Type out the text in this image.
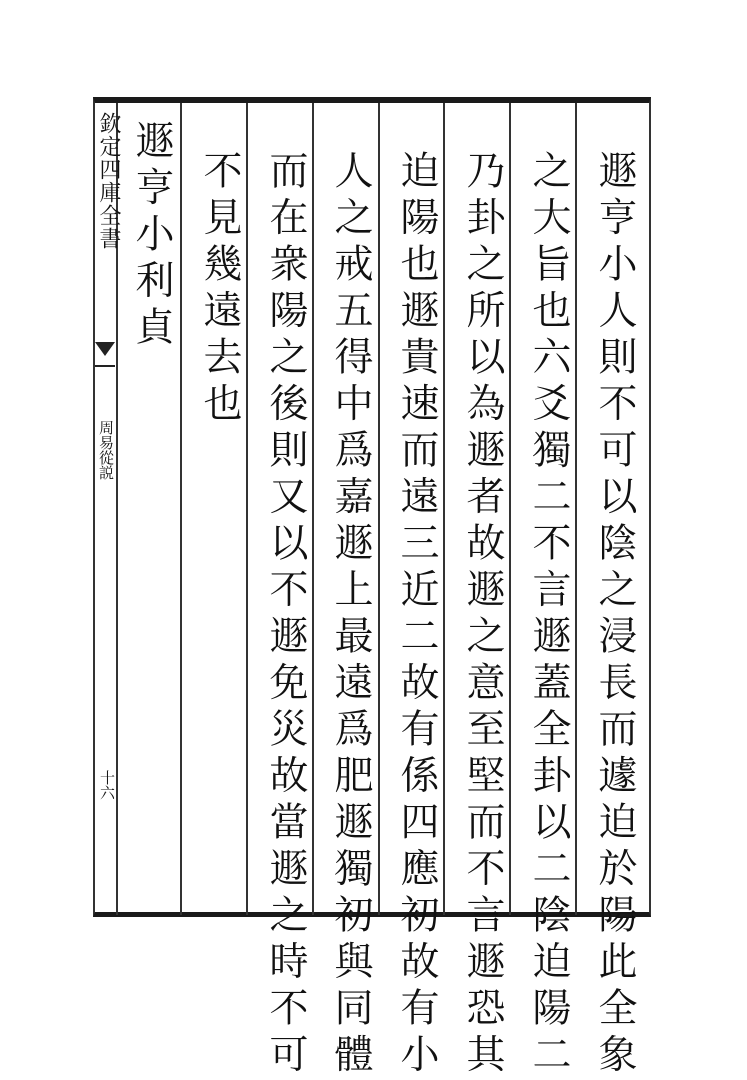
欽定四庫全書
周易從説
十六	遯亨小人則不可以陰之浸長而遽迫於陽此全象
之大旨也六爻獨二不言遯蓋全卦以二陰迫陽二
乃卦之所以為遯者故遯之意至堅而不言遯恐其
迫陽也遯貴速而遠三近二故有係四應初故有小
人之戒五得中爲嘉遯上最遠爲肥遯獨初與同體
而在衆陽之後則又以不遯免災故當遯之時不可
不見幾遠去也
遯亨小利貞
